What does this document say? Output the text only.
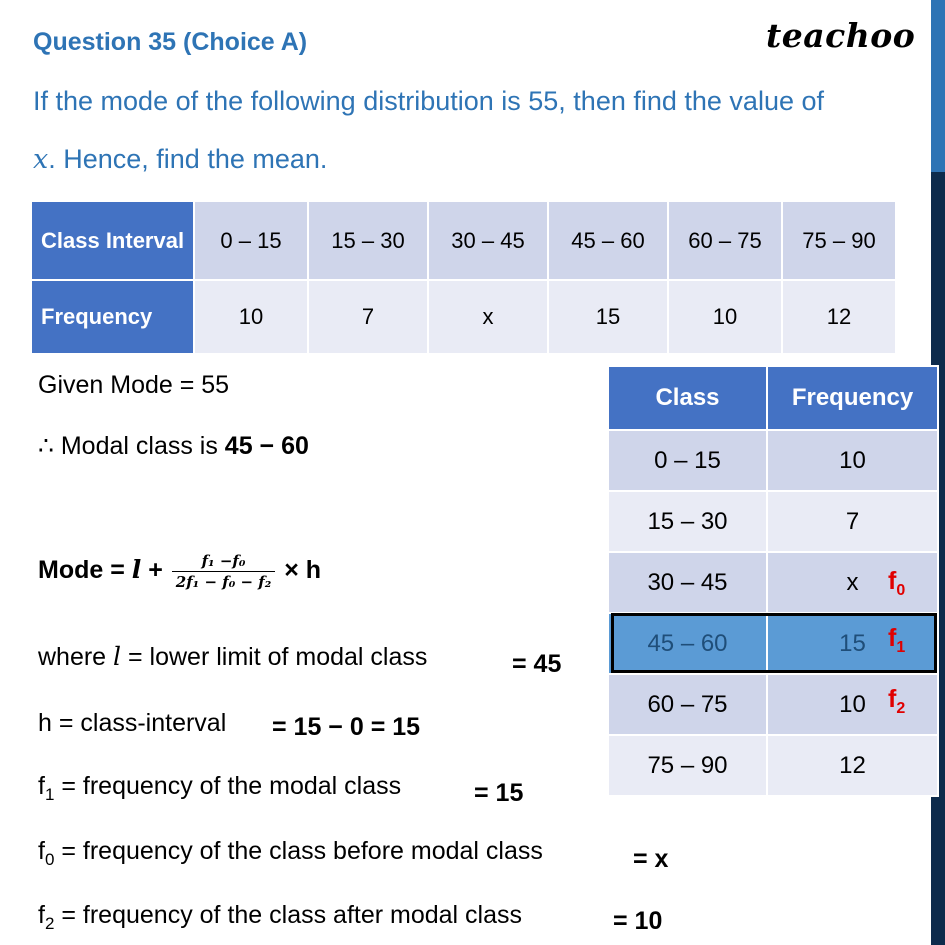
Question 35 (Choice A)	teachoo
If the mode of the following distribution is 55, then find the value of
x. Hence, find the mean.
Class Interval	0 – 15	15 – 30	30 – 45	45 – 60	60 – 75	75 – 90
Frequency	10	7	x	15	10	12
Given Mode = 55
∴ Modal class is 45 − 60
Mode = $l + \frac{\text{f₁ −f₀}}{\text{2f₁ − f₀ − f₂}} \times h$
where l = lower limit of modal class	= 45
h = class-interval = 15 − 0 = 15
$f_1$ = frequency of the modal class	= 15
$f_0$ = frequency of the class before modal class	= x
$f_2$ = frequency of the class after modal class	= 10
Class	Frequency
0 – 15	10
15 – 30	7
30 – 45	x $f_0$

45 – 60	15 $f_1$

60 – 75	10 $f_2$

75 – 90	12
